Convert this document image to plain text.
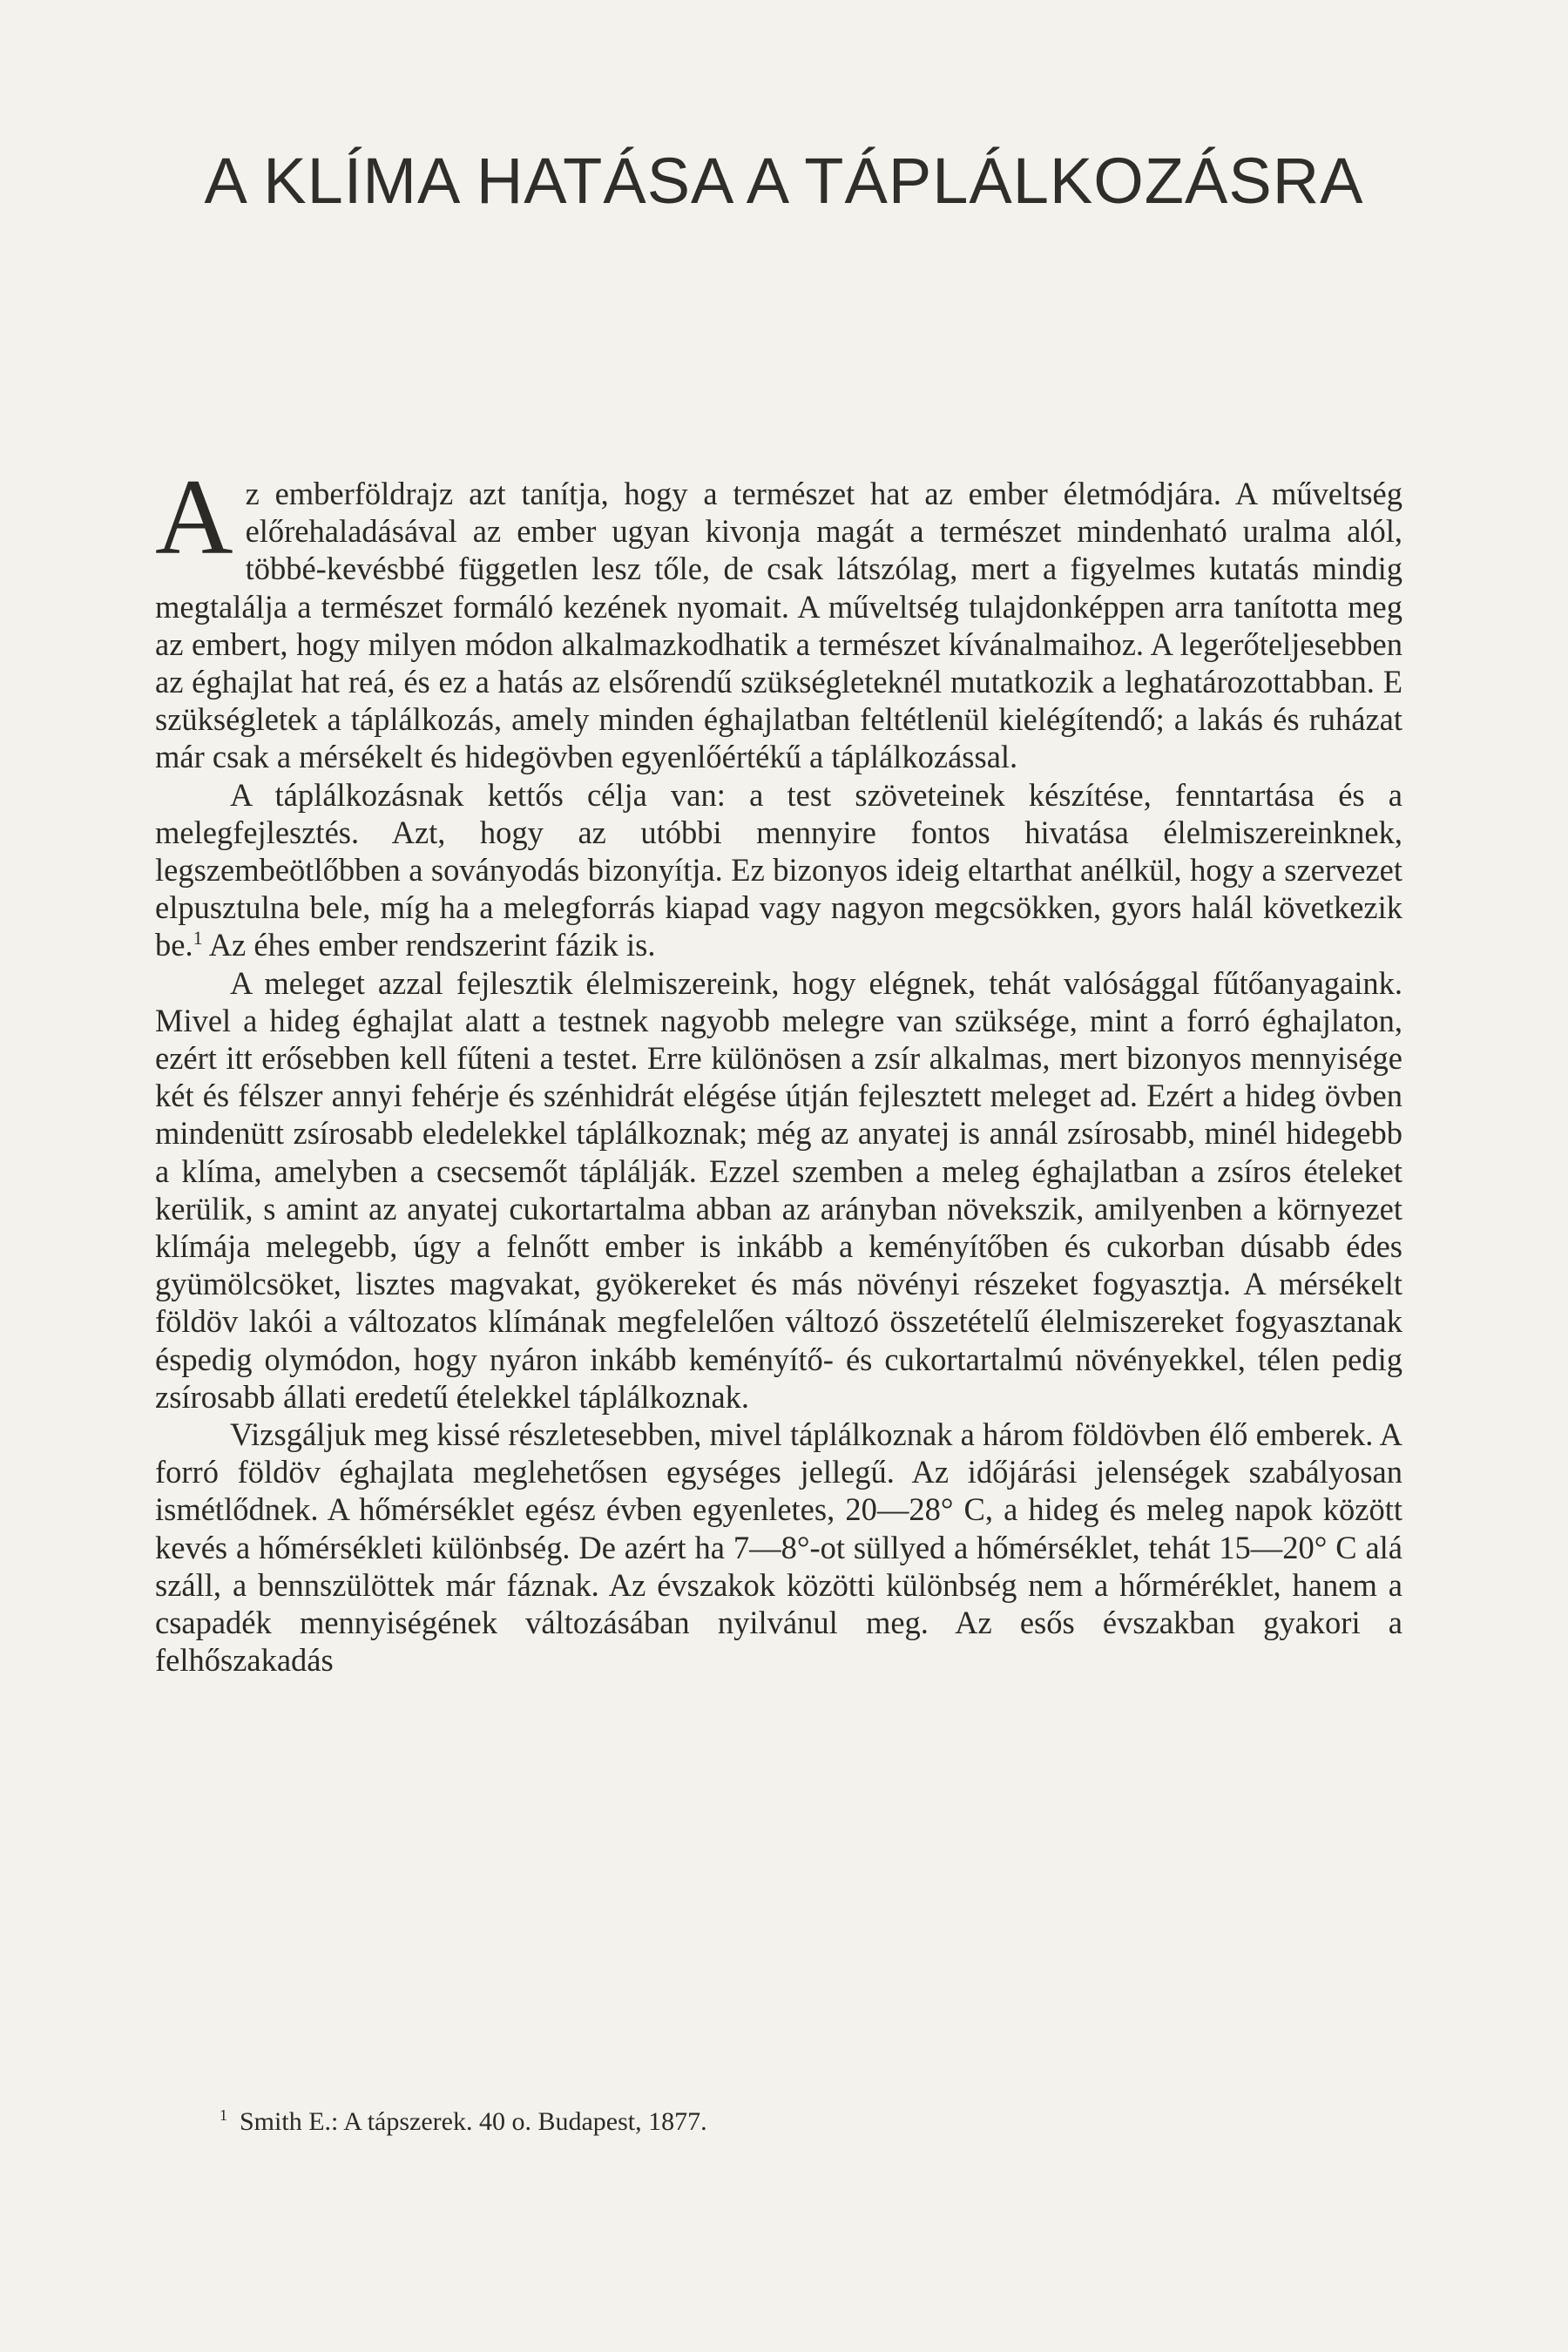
A KLÍMA HATÁSA A TÁPLÁLKOZÁSRA

Az emberföldrajz azt tanítja, hogy a természet hat az ember életmódjára. A műveltség előrehaladásával az ember ugyan kivonja magát a természet mindenható uralma alól, többé-kevésbbé független lesz tőle, de csak látszólag, mert a figyelmes kutatás mindig megtalálja a természet formáló kezének nyomait. A műveltség tulajdonképpen arra tanította meg az embert, hogy milyen módon alkalmazkodhatik a természet kívánalmaihoz. A legerőteljesebben az éghajlat hat reá, és ez a hatás az elsőrendű szükségleteknél mutatkozik a leghatározottabban. E szükségletek a táplálkozás, amely minden éghajlatban feltétlenül kielégítendő; a lakás és ruházat már csak a mérsékelt és hidegövben egyenlőértékű a táplálkozással.

A táplálkozásnak kettős célja van: a test szöveteinek készítése, fenntartása és a melegfejlesztés. Azt, hogy az utóbbi mennyire fontos hivatása élelmiszereinknek, legszembeötlőbben a soványodás bizonyítja. Ez bizonyos ideig eltarthat anélkül, hogy a szervezet elpusztulna bele, míg ha a melegforrás kiapad vagy nagyon megcsökken, gyors halál következik be.$^1$ Az éhes ember rendszerint fázik is.

A meleget azzal fejlesztik élelmiszereink, hogy elégnek, tehát valósággal fűtőanyagaink. Mivel a hideg éghajlat alatt a testnek nagyobb melegre van szüksége, mint a forró éghajlaton, ezért itt erősebben kell fűteni a testet. Erre különösen a zsír alkalmas, mert bizonyos mennyisége két és félszer annyi fehérje és szénhidrát elégése útján fejlesztett meleget ad. Ezért a hideg övben mindenütt zsírosabb eledelekkel táplálkoznak; még az anyatej is annál zsírosabb, minél hidegebb a klíma, amelyben a csecsemőt táplálják. Ezzel szemben a meleg éghajlatban a zsíros ételeket kerülik, s amint az anyatej cukortartalma abban az arányban növekszik, amilyenben a környezet klímája melegebb, úgy a felnőtt ember is inkább a keményítőben és cukorban dúsabb édes gyümölcsöket, lisztes magvakat, gyökereket és más növényi részeket fogyasztja. A mérsékelt földöv lakói a változatos klímának megfelelően változó összetételű élelmiszereket fogyasztanak éspedig olymódon, hogy nyáron inkább keményítő- és cukortartalmú növényekkel, télen pedig zsírosabb állati eredetű ételekkel táplálkoznak.

Vizsgáljuk meg kissé részletesebben, mivel táplálkoznak a három földövben élő emberek. A forró földöv éghajlata meglehetősen egységes jellegű. Az időjárási jelenségek szabályosan ismétlődnek. A hőmérséklet egész évben egyenletes, 20—28° C, a hideg és meleg napok között kevés a hőmérsékleti különbség. De azért ha 7—8°-ot süllyed a hőmérséklet, tehát 15—20° C alá száll, a bennszülöttek már fáznak. Az évszakok közötti különbség nem a hőrméréklet, hanem a csapadék mennyiségének változásában nyilvánul meg. Az esős évszakban gyakori a felhőszakadás

$^1$ Smith E.: A tápszerek. 40 o. Budapest, 1877.
